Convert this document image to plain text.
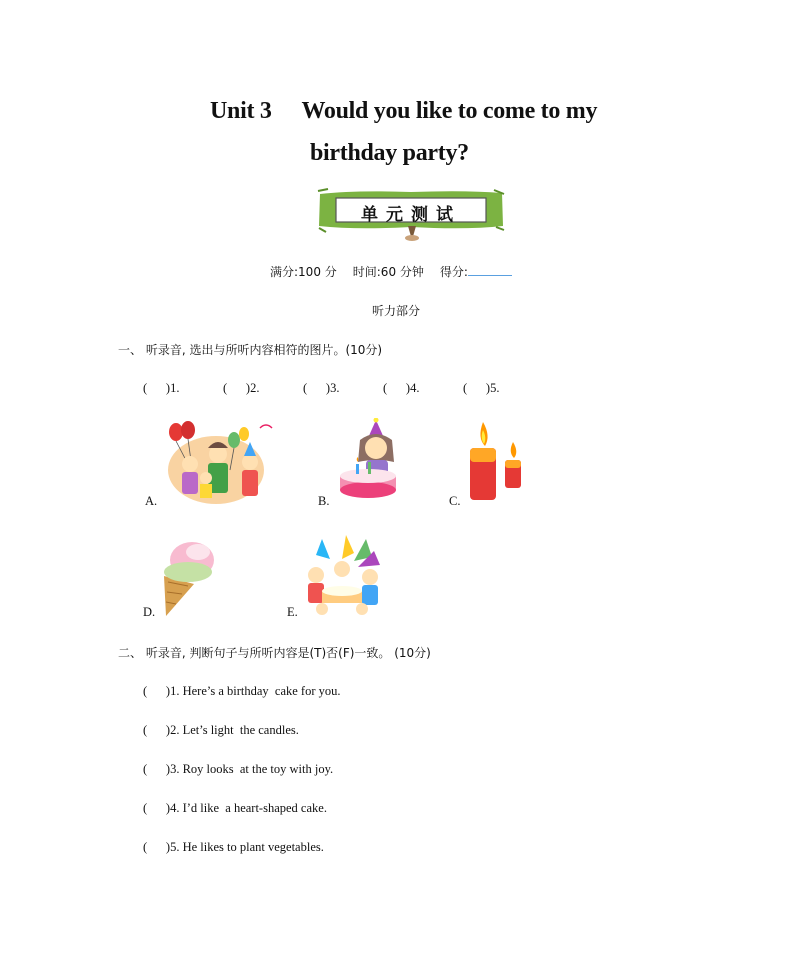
Unit 3 Would you like to come to my
birthday party?
单元测试
满分:100 分 时间:60 分钟 得分:
听力部分
一、 听录音, 选出与所听内容相符的图片。(10分)
(      )1.	(      )2.	(      )3.	(      )4.	(      )5.
A.	B.	C.
D.	E.
二、 听录音, 判断句子与所听内容是(T)否(F)一致。 (10分)
(      )1. Here’s a birthday  cake for you.
(      )2. Let’s light  the candles.
(      )3. Roy looks  at the toy with joy.
(      )4. I’d like  a heart-shaped cake.
(      )5. He likes to plant vegetables.
